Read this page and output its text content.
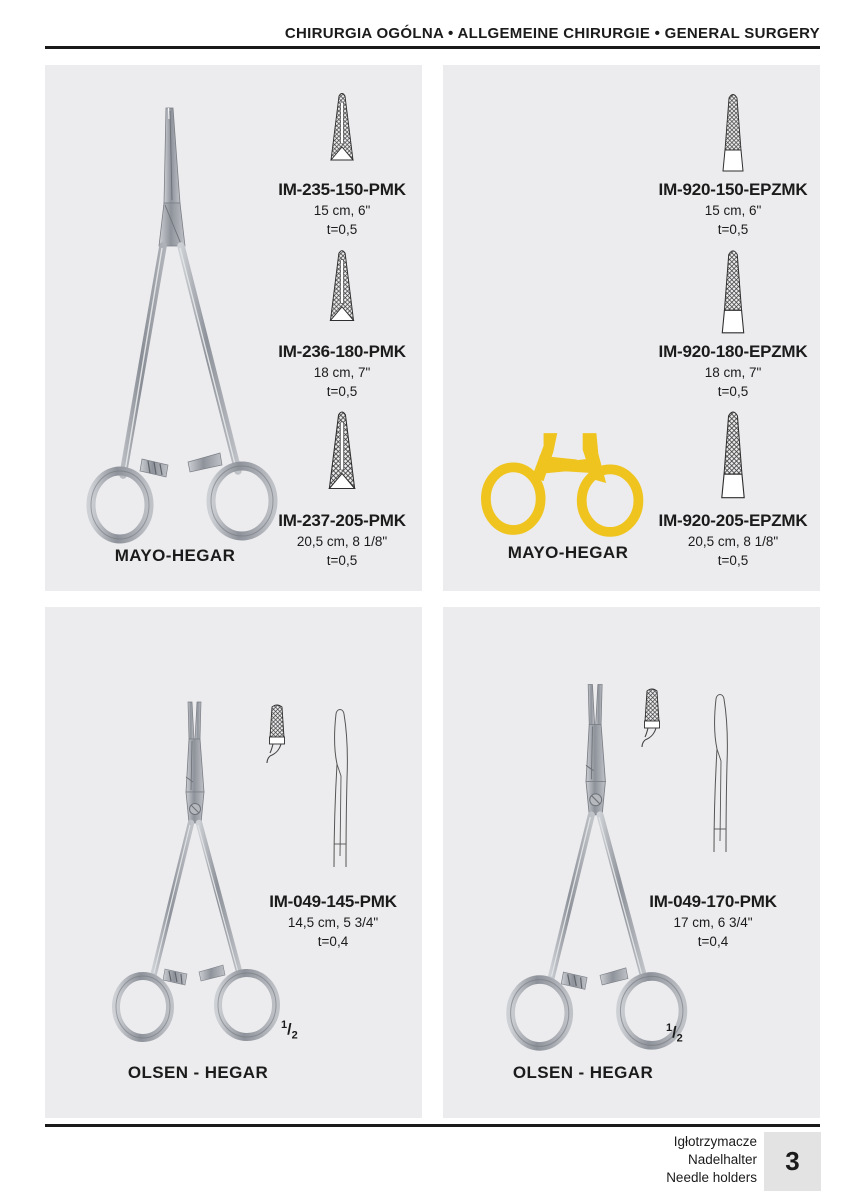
CHIRURGIA OGÓLNA • ALLGEMEINE CHIRURGIE • GENERAL SURGERY
IM-235-150-PMK
15 cm, 6"
t=0,5
IM-236-180-PMK
18 cm, 7"
t=0,5
IM-237-205-PMK
20,5 cm, 8 1/8"
t=0,5
MAYO-HEGAR
IM-920-150-EPZMK
15 cm, 6"
t=0,5
IM-920-180-EPZMK
18 cm, 7"
t=0,5
IM-920-205-EPZMK
20,5 cm, 8 1/8"
t=0,5
MAYO-HEGAR
IM-049-145-PMK
14,5 cm, 5 3/4"
t=0,4
$^1/_2$
OLSEN - HEGAR
IM-049-170-PMK
17 cm, 6 3/4"
t=0,4
$^1/_2$
OLSEN - HEGAR
Igłotrzymacze
Nadelhalter
Needle holders
3
